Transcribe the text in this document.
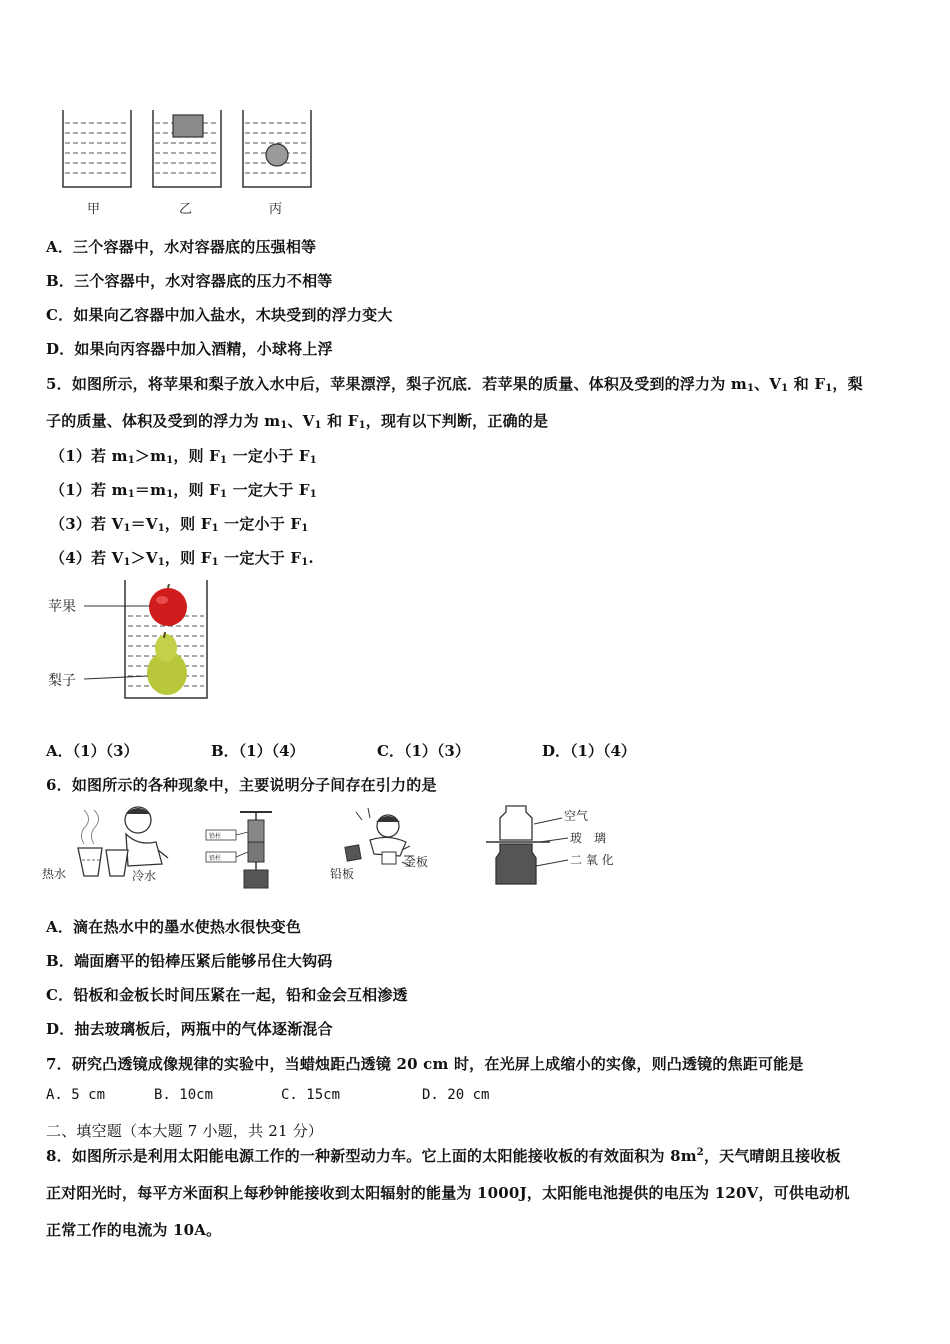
甲	乙	丙
A．三个容器中，水对容器底的压强相等
B．三个容器中，水对容器底的压力不相等
C．如果向乙容器中加入盐水，木块受到的浮力变大
D．如果向丙容器中加入酒精，小球将上浮
5．如图所示，将苹果和梨子放入水中后，苹果漂浮，梨子沉底．若苹果的质量、体积及受到的浮力为 $m_1$、$V_1$ 和 $F_1$，梨
子的质量、体积及受到的浮力为 $m_1$、$V_1$ 和 $F_1$，现有以下判断，正确的是
（1）若 $m_1>m_1$，则 $F_1$ 一定小于 $F_1$
（1）若 $m_1=m_1$，则 $F_1$ 一定大于 $F_1$
（3）若 $V_1=V_1$，则 $F_1$ 一定小于 $F_1$
（4）若 $V_1>V_1$，则 $F_1$ 一定大于 $F_1$.
苹果
梨子
A．（1）（3）	B．（1）（4）	C．（1）（3）	D．（1）（4）
6．如图所示的各种现象中，主要说明分子间存在引力的是
热水	冷水
铅柱
铅柱
铅板
金板
空气
玻　璃
二 氧 化
A．滴在热水中的墨水使热水很快变色
B．端面磨平的铅棒压紧后能够吊住大钩码
C．铅板和金板长时间压紧在一起，铅和金会互相渗透
D．抽去玻璃板后，两瓶中的气体逐渐混合
7．研究凸透镜成像规律的实验中，当蜡烛距凸透镜 20 cm 时，在光屏上成缩小的实像，则凸透镜的焦距可能是
A. 5 cm	B. 10cm	C. 15cm	D. 20 cm
二、填空题（本大题 7 小题，共 21 分）
8．如图所示是利用太阳能电源工作的一种新型动力车。它上面的太阳能接收板的有效面积为 $8m^2$，天气晴朗且接收板
正对阳光时，每平方米面积上每秒钟能接收到太阳辐射的能量为 1000J，太阳能电池提供的电压为 120V，可供电动机
正常工作的电流为 10A。
